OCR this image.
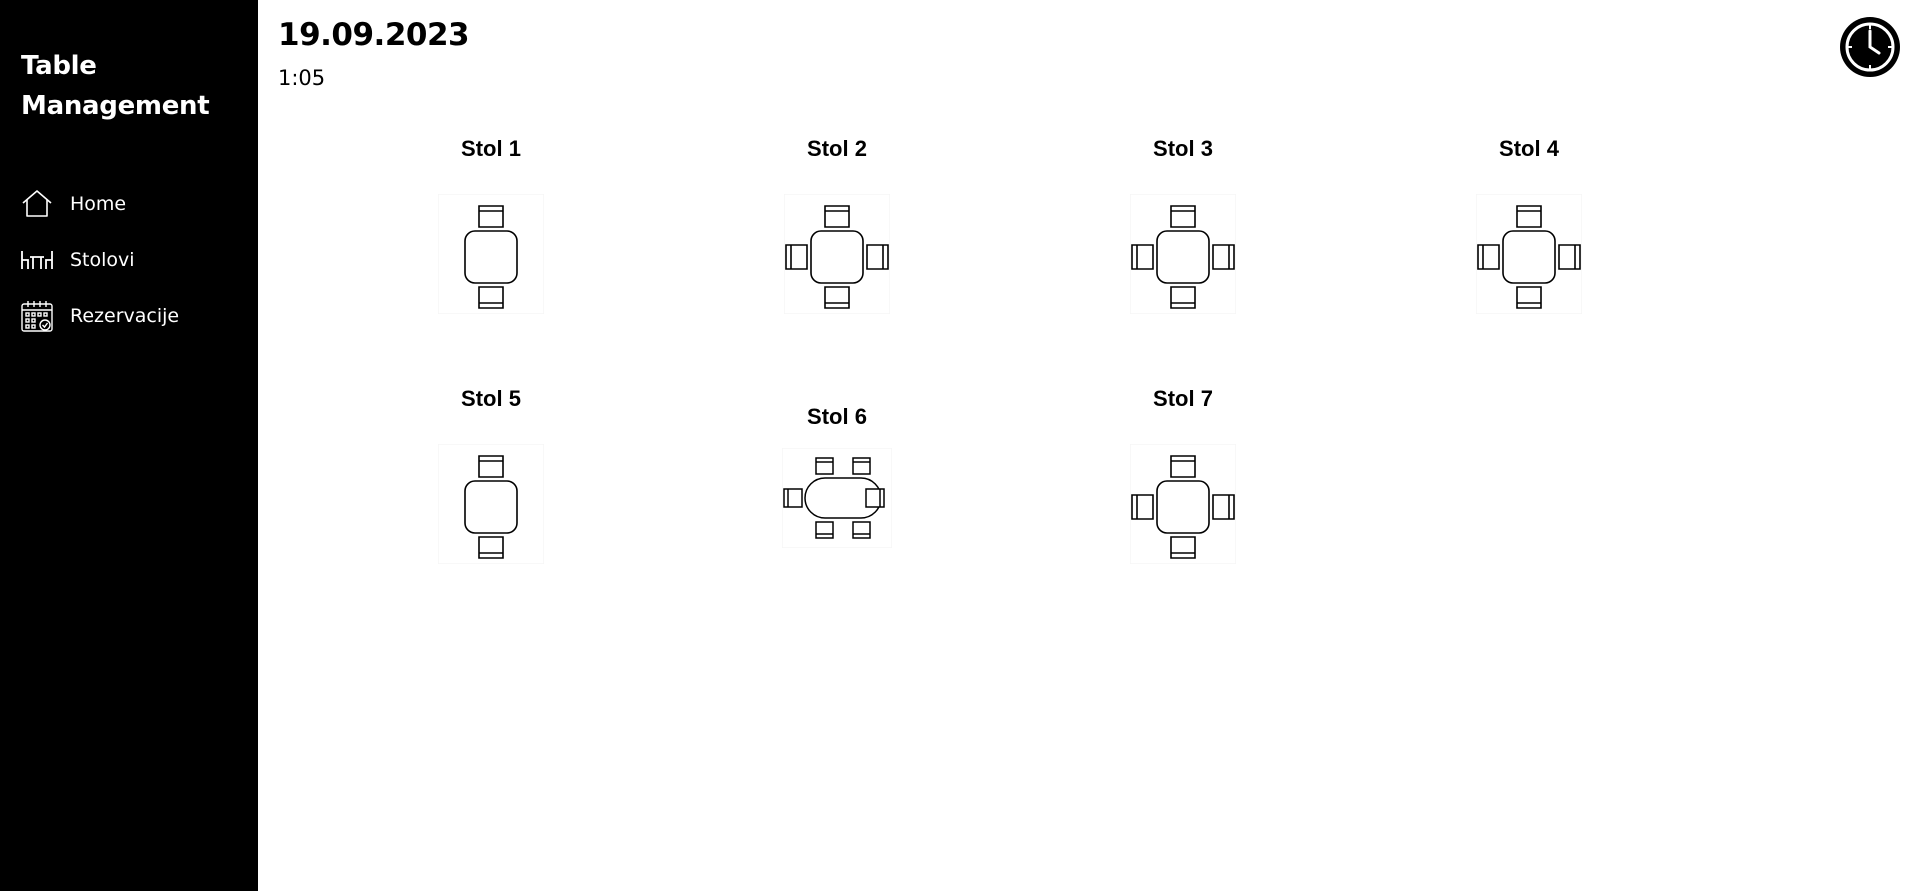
Table Management
Home
Stolovi
Rezervacije
19.09.2023
1:05
Stol 1	Stol 2	Stol 3	Stol 4
Stol 5
Stol 6
Stol 7
